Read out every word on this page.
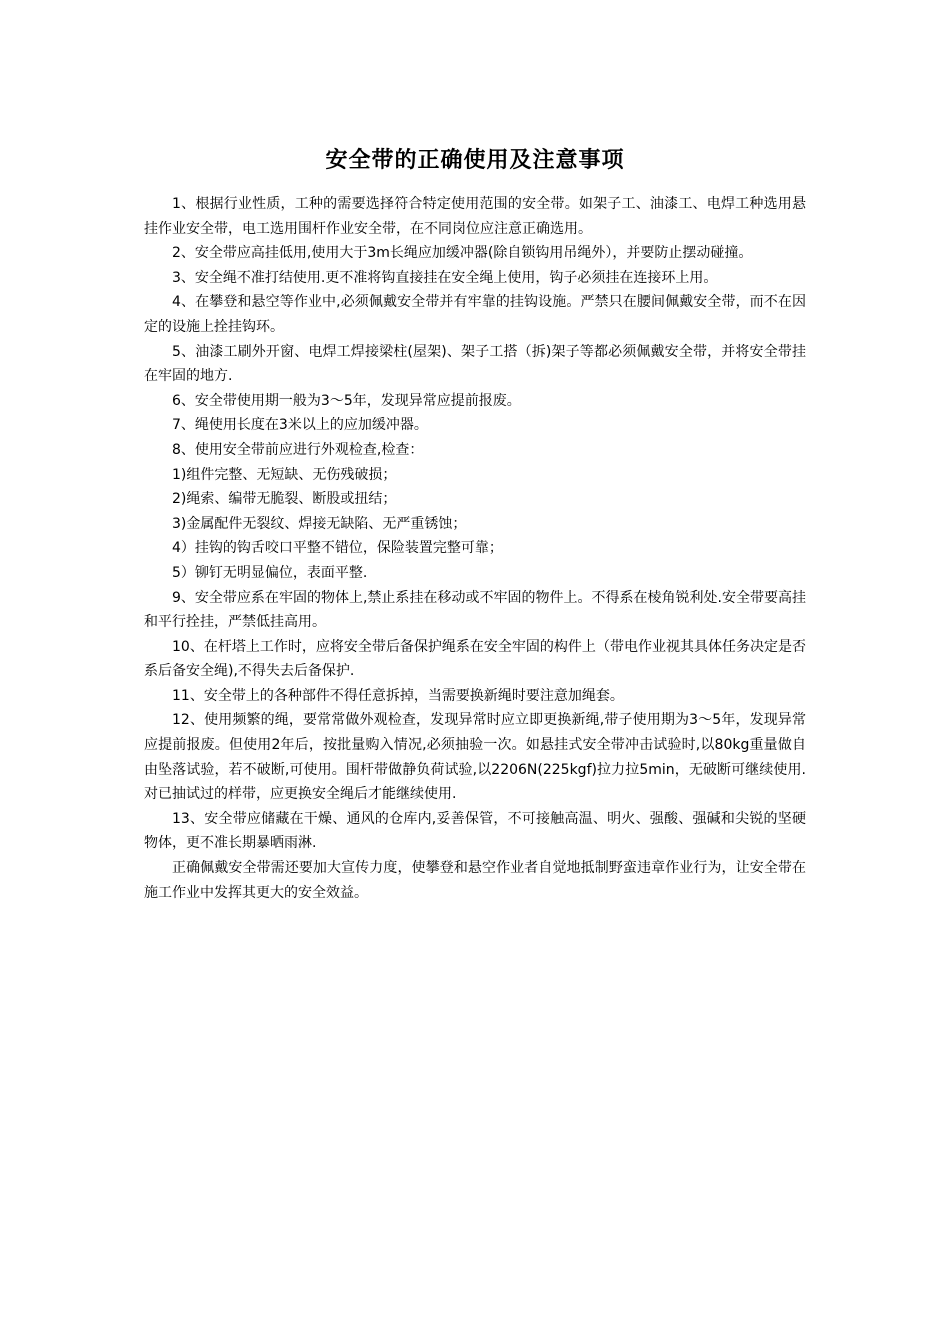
安全带的正确使用及注意事项

1、根据行业性质，工种的需要选择符合特定使用范围的安全带。如架子工、油漆工、电焊工种选用悬挂作业安全带，电工选用围杆作业安全带，在不同岗位应注意正确选用。

2、安全带应高挂低用,使用大于3m长绳应加缓冲器(除自锁钩用吊绳外），并要防止摆动碰撞。

3、安全绳不准打结使用.更不准将钩直接挂在安全绳上使用，钩子必须挂在连接环上用。

4、在攀登和悬空等作业中,必须佩戴安全带并有牢靠的挂钩设施。严禁只在腰间佩戴安全带，而不在因定的设施上拴挂钩环。

5、油漆工刷外开窗、电焊工焊接梁柱(屋架)、架子工搭（拆)架子等都必须佩戴安全带，并将安全带挂在牢固的地方.

6、安全带使用期一般为3～5年，发现异常应提前报废。

7、绳使用长度在3米以上的应加缓冲器。

8、使用安全带前应进行外观检查,检查：

1)组件完整、无短缺、无伤残破损；

2)绳索、编带无脆裂、断股或扭结；

3)金属配件无裂纹、焊接无缺陷、无严重锈蚀；

4）挂钩的钩舌咬口平整不错位，保险装置完整可靠；

5）铆钉无明显偏位，表面平整.

9、安全带应系在牢固的物体上,禁止系挂在移动或不牢固的物件上。不得系在棱角锐利处.安全带要高挂和平行拴挂，严禁低挂高用。

10、在杆塔上工作时，应将安全带后备保护绳系在安全牢固的构件上（带电作业视其具体任务决定是否系后备安全绳),不得失去后备保护.

11、安全带上的各种部件不得任意拆掉，当需要换新绳时要注意加绳套。

12、使用频繁的绳，要常常做外观检查，发现异常时应立即更换新绳,带子使用期为3～5年，发现异常应提前报废。但使用2年后，按批量购入情况,必须抽验一次。如悬挂式安全带冲击试验时,以80kg重量做自由坠落试验，若不破断,可使用。围杆带做静负荷试验,以2206N(225kgf)拉力拉5min，无破断可继续使用.对已抽试过的样带，应更换安全绳后才能继续使用.

13、安全带应储藏在干燥、通风的仓库内,妥善保管，不可接触高温、明火、强酸、强碱和尖锐的坚硬物体，更不准长期暴晒雨淋.

正确佩戴安全带需还要加大宣传力度，使攀登和悬空作业者自觉地抵制野蛮违章作业行为，让安全带在施工作业中发挥其更大的安全效益。
